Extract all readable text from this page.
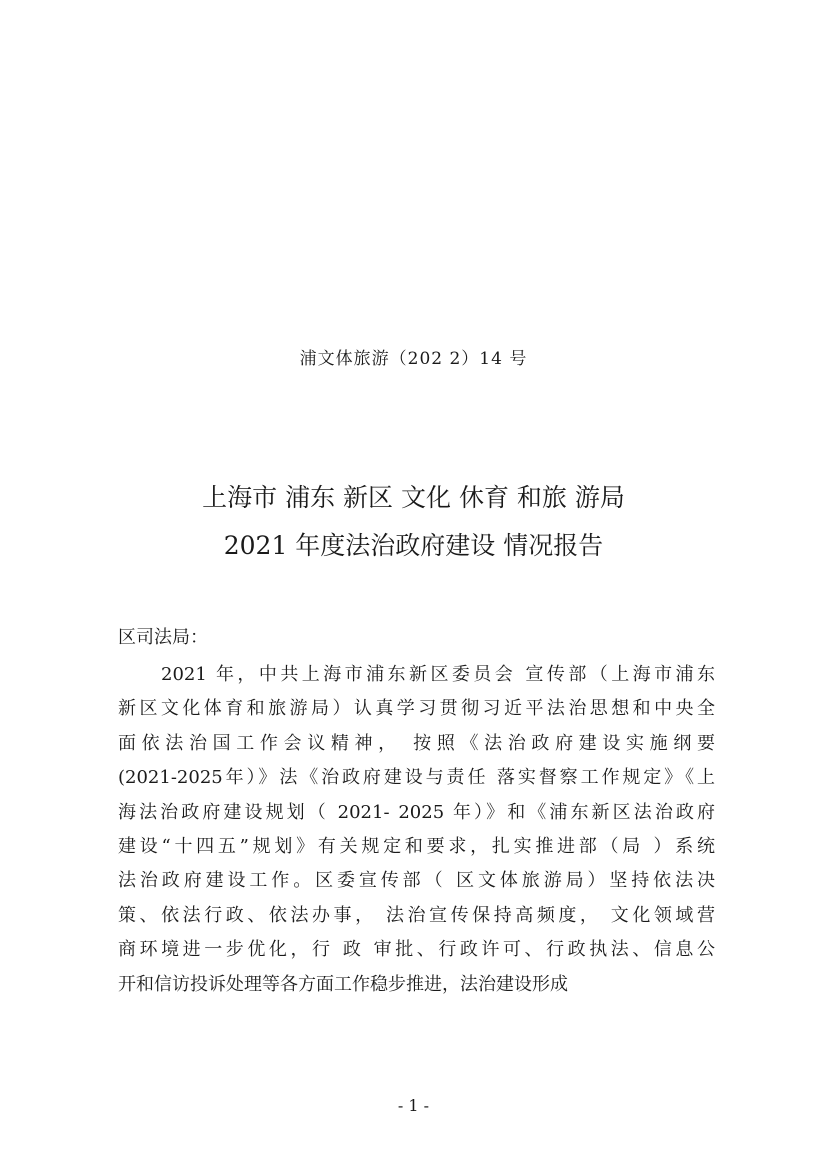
浦文体旅游（202 2）14 号

上海市 浦东 新区 文化 休育 和旅 游局
2021 年度法治政府建设 情况报告

区司法局：

2021 年，中共上海市浦东新区委员会 宣传部（上海市浦东

新区文化体育和旅游局）认真学习贯彻习近平法治思想和中央全

面依法治国工作会议精神， 按照《法治政府建设实施纲要

(2021-2025年）》法《治政府建设与责任 落实督察工作规定》《上

海法治政府建设规划（ 2021- 2025 年）》和《浦东新区法治政府

建设“十四五”规划》有关规定和要求，扎实推进部（局 ）系统

法治政府建设工作。区委宣传部（ 区文体旅游局）坚持依法决

策、依法行政、依法办事， 法治宣传保持高频度， 文化领域营

商环境进一步优化，行 政 审批、行政许可、行政执法、信息公

开和信访投诉处理等各方面工作稳步推进，法治建设形成

- 1 -
